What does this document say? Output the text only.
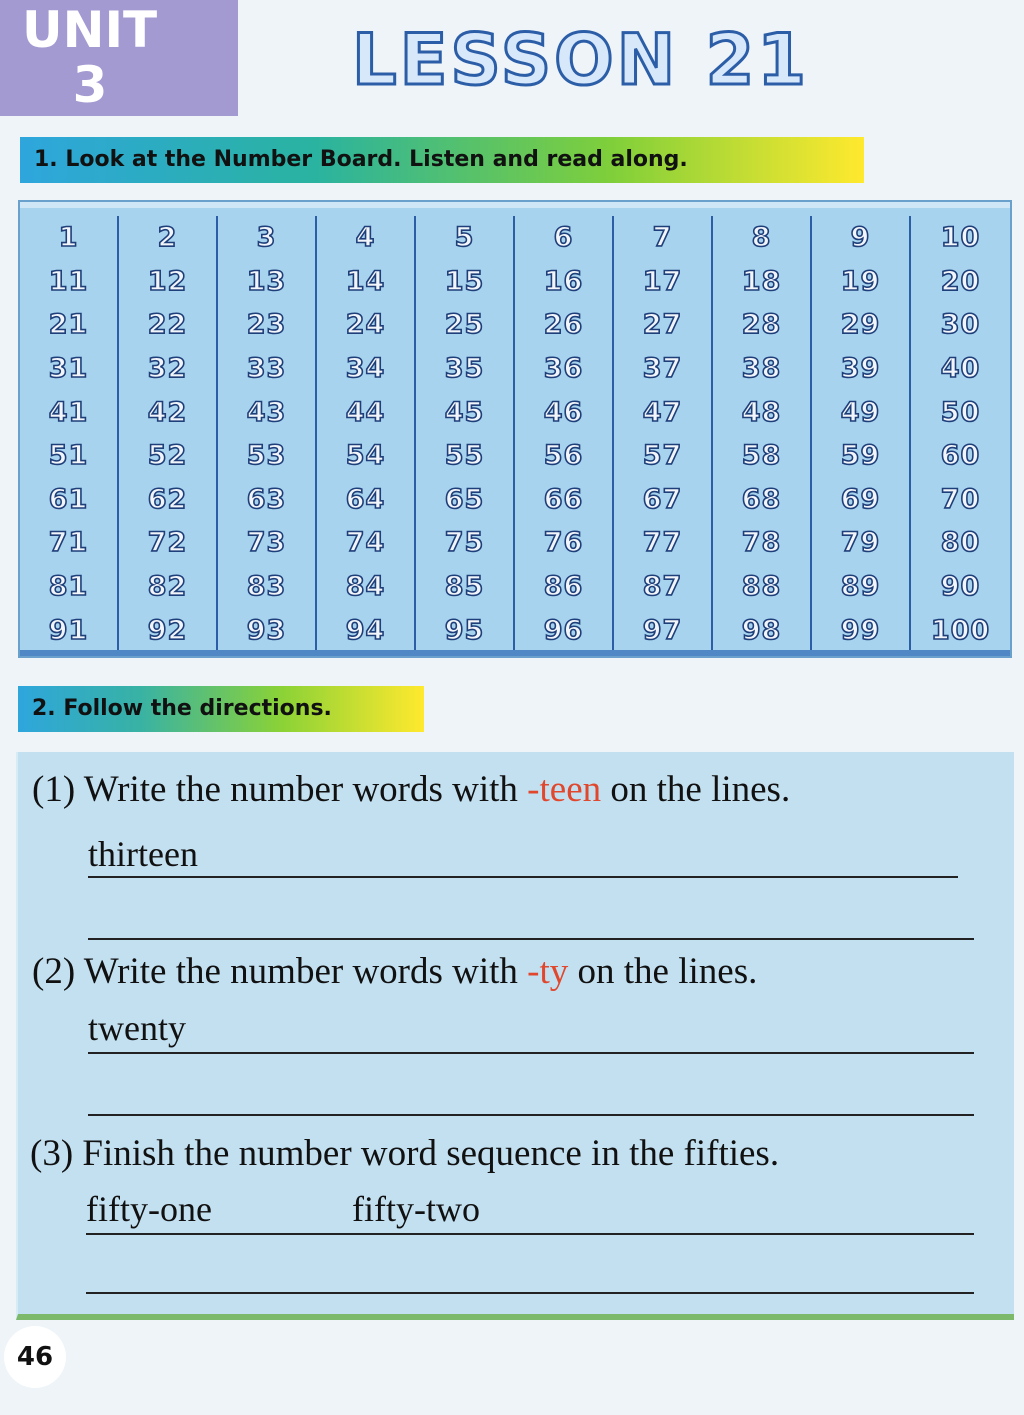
UNIT
3	LESSON 21
1. Look at the Number Board. Listen and read along.
1	2	3	4	5	6	7	8	9	10
11	12	13	14	15	16	17	18	19	20
21	22	23	24	25	26	27	28	29	30
31	32	33	34	35	36	37	38	39	40
41	42	43	44	45	46	47	48	49	50
51	52	53	54	55	56	57	58	59	60
61	62	63	64	65	66	67	68	69	70
71	72	73	74	75	76	77	78	79	80
81	82	83	84	85	86	87	88	89	90
91	92	93	94	95	96	97	98	99	100
2. Follow the directions.
(1) Write the number words with -teen on the lines.
thirteen
(2) Write the number words with -ty on the lines.
twenty
(3) Finish the number word sequence in the fifties.
fifty-one	fifty-two
46
